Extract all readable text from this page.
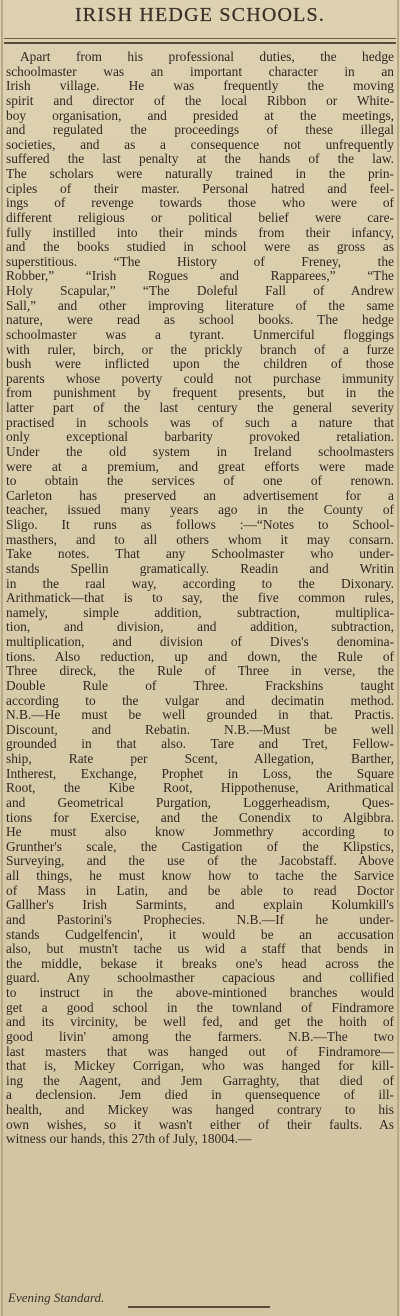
IRISH HEDGE SCHOOLS.
Apart from his professional duties, the hedge
schoolmaster was an important character in an
Irish village. He was frequently the moving
spirit and director of the local Ribbon or White-
boy organisation, and presided at the meetings,
and regulated the proceedings of these illegal
societies, and as a consequence not unfrequently
suffered the last penalty at the hands of the law.
The scholars were naturally trained in the prin-
ciples of their master. Personal hatred and feel-
ings of revenge towards those who were of
different religious or political belief were care-
fully instilled into their minds from their infancy,
and the books studied in school were as gross as
superstitious. “The History of Freney, the
Robber,” “Irish Rogues and Rapparees,” “The
Holy Scapular,” “The Doleful Fall of Andrew
Sall,” and other improving literature of the same
nature, were read as school books. The hedge
schoolmaster was a tyrant. Unmerciful floggings
with ruler, birch, or the prickly branch of a furze
bush were inflicted upon the children of those
parents whose poverty could not purchase immunity
from punishment by frequent presents, but in the
latter part of the last century the general severity
practised in schools was of such a nature that
only exceptional barbarity provoked retaliation.
Under the old system in Ireland schoolmasters
were at a premium, and great efforts were made
to obtain the services of one of renown.
Carleton has preserved an advertisement for a
teacher, issued many years ago in the County of
Sligo. It runs as follows :—“Notes to School-
masthers, and to all others whom it may consarn.
Take notes. That any Schoolmaster who under-
stands Spellin gramatically. Readin and Writin
in the raal way, according to the Dixonary.
Arithmatick—that is to say, the five common rules,
namely, simple addition, subtraction, multiplica-
tion, and division, and addition, subtraction,
multiplication, and division of Dives's denomina-
tions. Also reduction, up and down, the Rule of
Three direck, the Rule of Three in verse, the
Double Rule of Three. Frackshins taught
according to the vulgar and decimatin method.
N.B.—He must be well grounded in that. Practis.
Discount, and Rebatin. N.B.—Must be well
grounded in that also. Tare and Tret, Fellow-
ship, Rate per Scent, Allegation, Barther,
Intherest, Exchange, Prophet in Loss, the Square
Root, the Kibe Root, Hippothenuse, Arithmatical
and Geometrical Purgation, Loggerheadism, Ques-
tions for Exercise, and the Conendix to Algibbra.
He must also know Jommethry according to
Grunther's scale, the Castigation of the Klipstics,
Surveying, and the use of the Jacobstaff. Above
all things, he must know how to tache the Sarvice
of Mass in Latin, and be able to read Doctor
Gallher's Irish Sarmints, and explain Kolumkill's
and Pastorini's Prophecies. N.B.—If he under-
stands Cudgelfencin', it would be an accusation
also, but mustn't tache us wid a staff that bends in
the middle, bekase it breaks one's head across the
guard. Any schoolmasther capacious and collified
to instruct in the above-mintioned branches would
get a good school in the townland of Findramore
and its vircinity, be well fed, and get the hoith of
good livin' among the farmers. N.B.—The two
last masters that was hanged out of Findramore—
that is, Mickey Corrigan, who was hanged for kill-
ing the Aagent, and Jem Garraghty, that died of
a declension. Jem died in quensequence of ill-
health, and Mickey was hanged contrary to his
own wishes, so it wasn't either of their faults. As
witness our hands, this 27th of July, 18004.—
Evening Standard.
